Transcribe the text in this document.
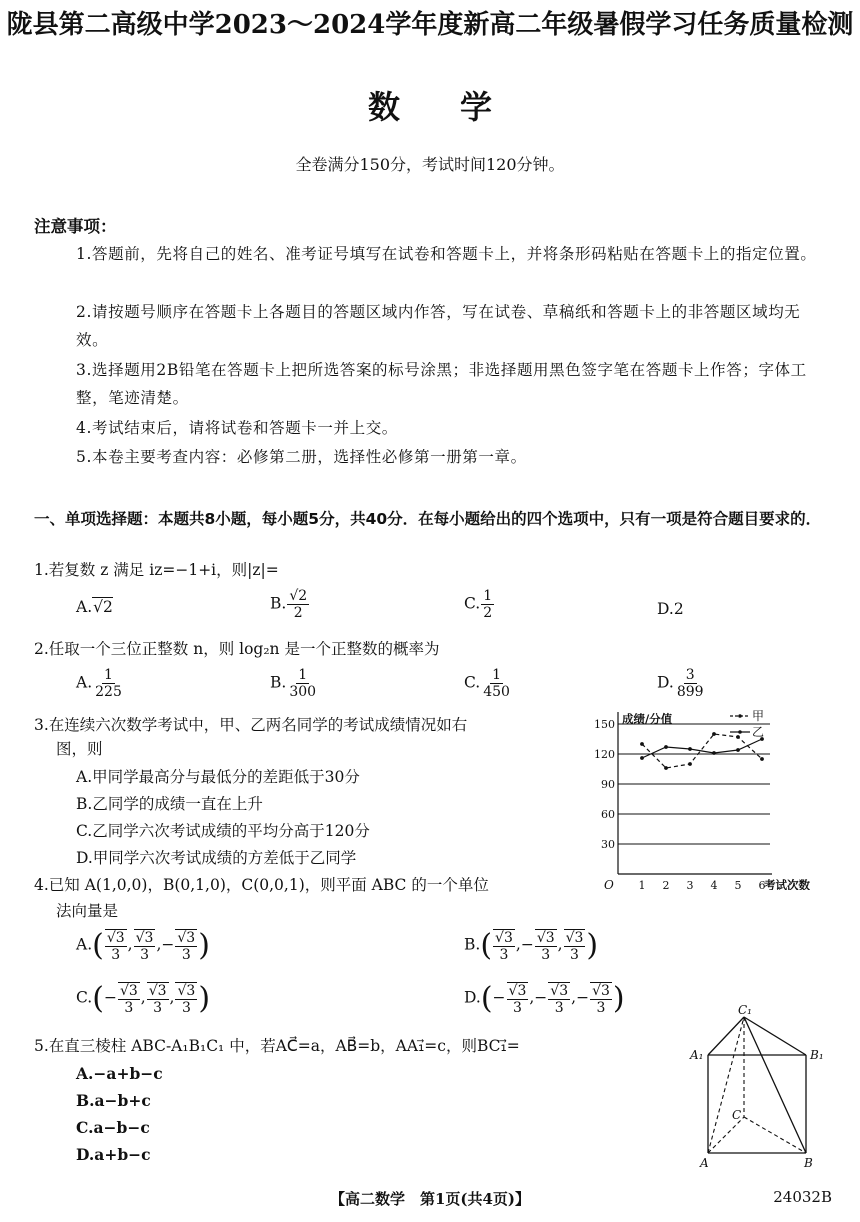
陇县第二高级中学2023～2024学年度新高二年级暑假学习任务质量检测
数学
全卷满分150分，考试时间120分钟。
注意事项：
1.答题前，先将自己的姓名、准考证号填写在试卷和答题卡上，并将条形码粘贴在答题卡上的指定位置。
2.请按题号顺序在答题卡上各题目的答题区域内作答，写在试卷、草稿纸和答题卡上的非答题区域均无效。
3.选择题用2B铅笔在答题卡上把所选答案的标号涂黑；非选择题用黑色签字笔在答题卡上作答；字体工整，笔迹清楚。
4.考试结束后，请将试卷和答题卡一并上交。
5.本卷主要考查内容：必修第二册，选择性必修第一册第一章。
一、单项选择题：本题共8小题，每小题5分，共40分．在每小题给出的四个选项中，只有一项是符合题目要求的．
1.若复数 z 满足 iz=−1+i，则|z|=
A.√2	B. $\frac{√2}{2}$	C. $\frac{1}{2}$	D.2
2.任取一个三位正整数 n，则 log₂n 是一个正整数的概率为
A. $\frac{1}{225}$	B. $\frac{1}{300}$	C. $\frac{1}{450}$	D. $\frac{3}{899}$
3.在连续六次数学考试中，甲、乙两名同学的考试成绩情况如右
图，则
A.甲同学最高分与最低分的差距低于30分
B.乙同学的成绩一直在上升
C.乙同学六次考试成绩的平均分高于120分
D.甲同学六次考试成绩的方差低于乙同学
30
60
90
120
150
1 2 3 4 5 6
O
成绩/分值
考试次数
甲
乙
4.已知 A(1,0,0)，B(0,1,0)，C(0,0,1)，则平面 ABC 的一个单位
法向量是
$A.( \frac{√3}{3}$ , $\frac{√3}{3}$ ,− $\frac{√3}{3}$ )	$B.( \frac{√3}{3}$ ,− $\frac{√3}{3}$ , $\frac{√3}{3}$ )
$C.(- \frac{√3}{3}$ , $\frac{√3}{3}$ , $\frac{√3}{3}$ )	$D.(- \frac{√3}{3}$ ,− $\frac{√3}{3}$ ,− $\frac{√3}{3}$ )
5.在直三棱柱 ABC-A₁B₁C₁ 中，若AC⃗=a，AB⃗=b，AA₁⃗=c，则BC₁⃗=
A.−a+b−c
B.a−b+c
C.a−b−c
D.a+b−c
C₁
A₁	B₁
C
A	B
【高二数学　第1页(共4页)】	24032B
